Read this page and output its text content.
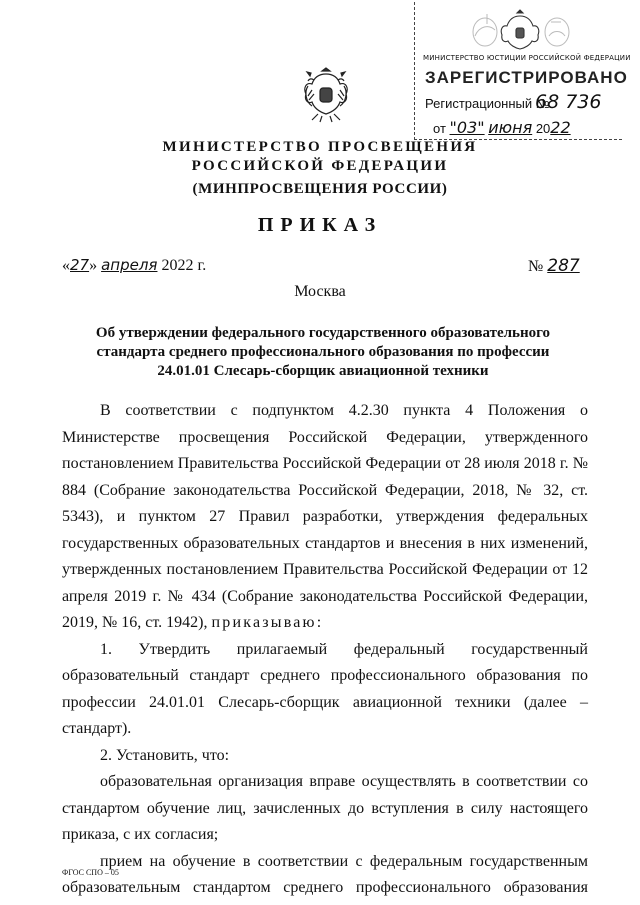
МИНИСТЕРСТВО ЮСТИЦИИ РОССИЙСКОЙ ФЕДЕРАЦИИ
ЗАРЕГИСТРИРОВАНО
Регистрационный №
68 736
от "03" июня 2022
МИНИСТЕРСТВО ПРОСВЕЩЕНИЯ
РОССИЙСКОЙ ФЕДЕРАЦИИ
(МИНПРОСВЕЩЕНИЯ РОССИИ)
ПРИКАЗ
«27» апреля 2022 г.	№ 287
Москва
Об утверждении федерального государственного образовательного стандарта среднего профессионального образования по профессии 24.01.01 Слесарь-сборщик авиационной техники

В соответствии с подпунктом 4.2.30 пункта 4 Положения о Министерстве просвещения Российской Федерации, утвержденного постановлением Правительства Российской Федерации от 28 июля 2018 г. № 884 (Собрание законодательства Российской Федерации, 2018, № 32, ст. 5343), и пунктом 27 Правил разработки, утверждения федеральных государственных образовательных стандартов и внесения в них изменений, утвержденных постановлением Правительства Российской Федерации от 12 апреля 2019 г. № 434 (Собрание законодательства Российской Федерации, 2019, № 16, ст. 1942), приказываю:

1. Утвердить прилагаемый федеральный государственный образовательный стандарт среднего профессионального образования по профессии 24.01.01 Слесарь-сборщик авиационной техники (далее – стандарт).

2. Установить, что:

образовательная организация вправе осуществлять в соответствии со стандартом обучение лиц, зачисленных до вступления в силу настоящего приказа, с их согласия;

прием на обучение в соответствии с федеральным государственным образовательным стандартом среднего профессионального образования

ФГОС СПО – 05
